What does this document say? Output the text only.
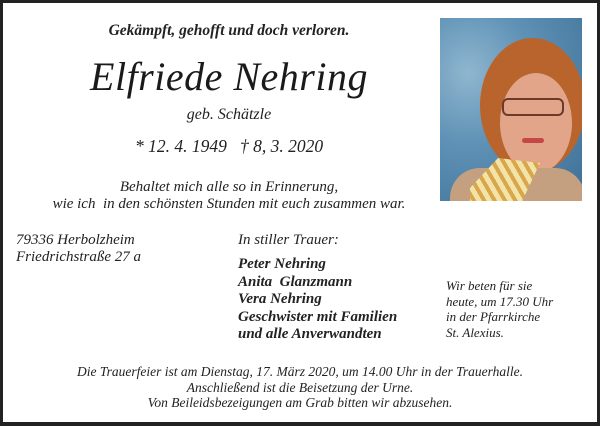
Gekämpft, gehofft und doch verloren.
Elfriede Nehring
geb. Schätzle
* 12. 4. 1949   † 8, 3. 2020
Behaltet mich alle so in Erinnerung,
wie ich  in den schönsten Stunden mit euch zusammen war.
79336 Herbolzheim
Friedrichstraße 27 a
In stiller Trauer:
Peter Nehring
Anita  Glanzmann
Vera Nehring
Geschwister mit Familien
und alle Anverwandten
Wir beten für sie
heute, um 17.30 Uhr
in der Pfarrkirche
St. Alexius.
Die Trauerfeier ist am Dienstag, 17. März 2020, um 14.00 Uhr in der Trauerhalle.
Anschließend ist die Beisetzung der Urne.
Von Beileidsbezeigungen am Grab bitten wir abzusehen.
